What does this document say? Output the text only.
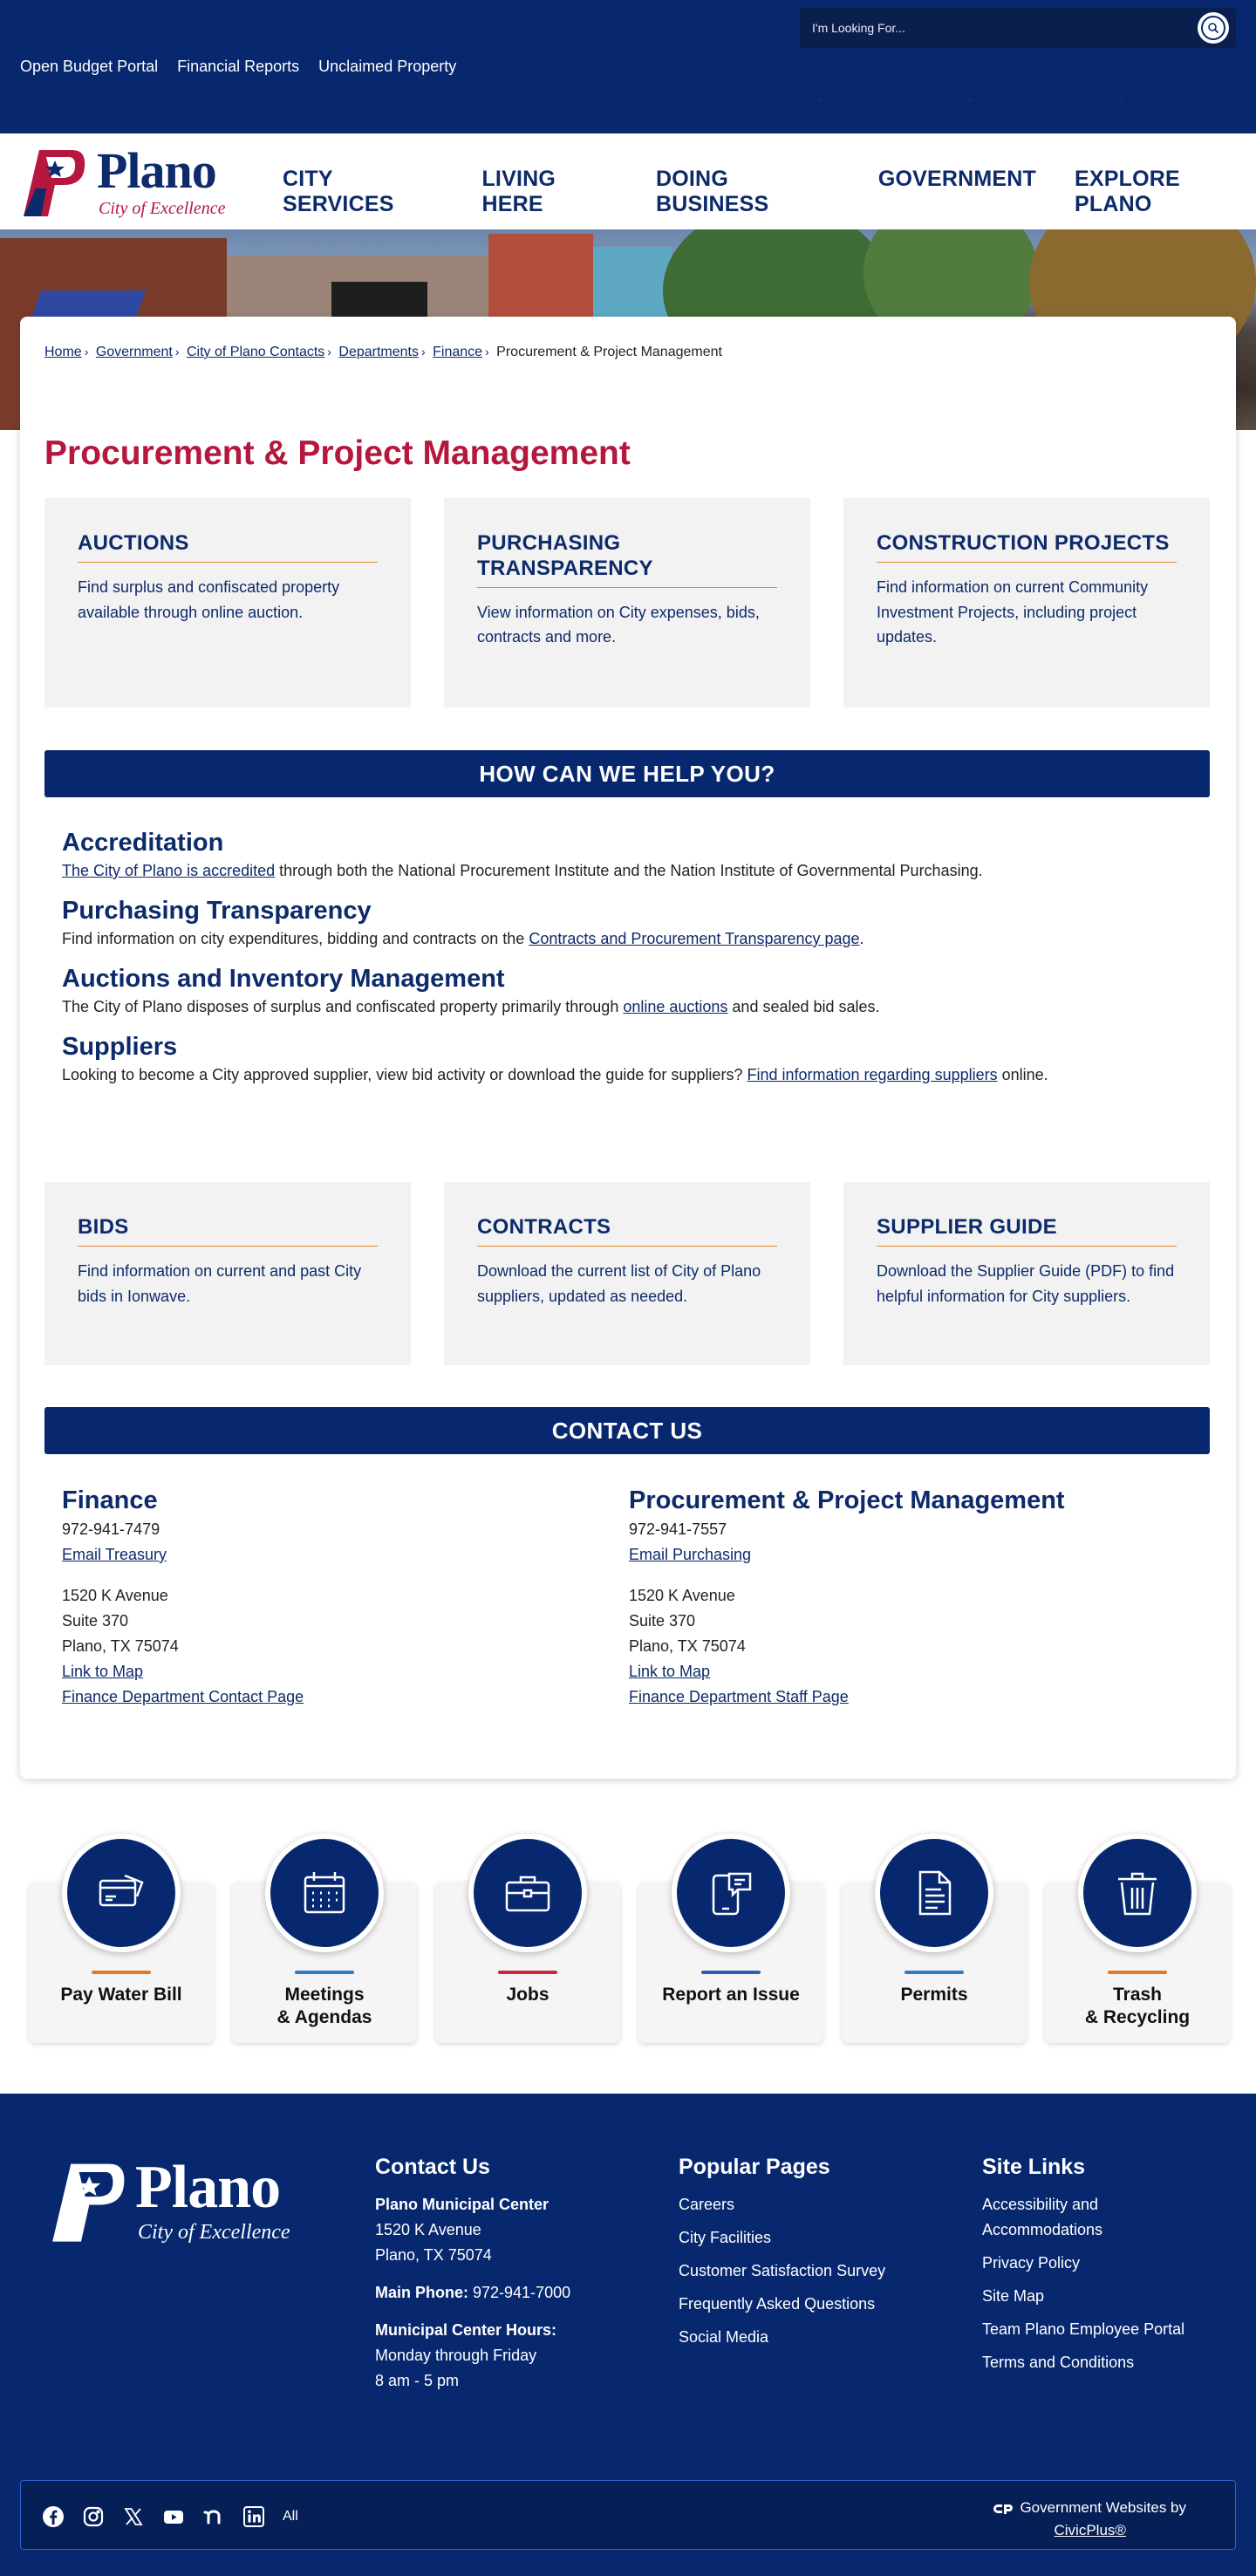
Open Budget Portal Financial Reports Unclaimed Property
I'm Looking For...
Plano
City of Excellence
CITY SERVICES
LIVING HERE
DOING BUSINESS
GOVERNMENT EXPLORE PLANO
Home › Government › City of Plano Contacts › Departments › Finance › Procurement & Project Management
Procurement & Project Management
AUCTIONS

Find surplus and confiscated property available through online auction.

PURCHASING TRANSPARENCY

View information on City expenses, bids, contracts and more.

CONSTRUCTION PROJECTS

Find information on current Community Investment Projects, including project updates.

HOW CAN WE HELP YOU?
Accreditation

The City of Plano is accredited through both the National Procurement Institute and the Nation Institute of Governmental Purchasing.

Purchasing Transparency

Find information on city expenditures, bidding and contracts on the Contracts and Procurement Transparency page.

Auctions and Inventory Management

The City of Plano disposes of surplus and confiscated property primarily through online auctions and sealed bid sales.

Suppliers

Looking to become a City approved supplier, view bid activity or download the guide for suppliers? Find information regarding suppliers online.

BIDS

Find information on current and past City bids in Ionwave.

CONTRACTS

Download the current list of City of Plano suppliers, updated as needed.

SUPPLIER GUIDE

Download the Supplier Guide (PDF) to find helpful information for City suppliers.

CONTACT US
Finance
972-941-7479
Email Treasury
1520 K Avenue
Suite 370
Plano, TX 75074
Link to Map
Finance Department Contact Page
Procurement & Project Management
972-941-7557
Email Purchasing
1520 K Avenue
Suite 370
Plano, TX 75074
Link to Map
Finance Department Staff Page
Pay Water Bill	Meetings
& Agendas
Jobs	Report an Issue	Permits	Trash
& Recycling
Plano
City of Excellence
Contact Us
Plano Municipal Center
1520 K Avenue
Plano, TX 75074
Main Phone: 972-941-7000
Municipal Center Hours:
Monday through Friday
8 am - 5 pm
Popular Pages
Careers
City Facilities
Customer Satisfaction Survey
Frequently Asked Questions
Social Media
Site Links
Accessibility and
Accommodations
Privacy Policy
Site Map
Team Plano Employee Portal
Terms and Conditions
All
Government Websites by
CivicPlus®
